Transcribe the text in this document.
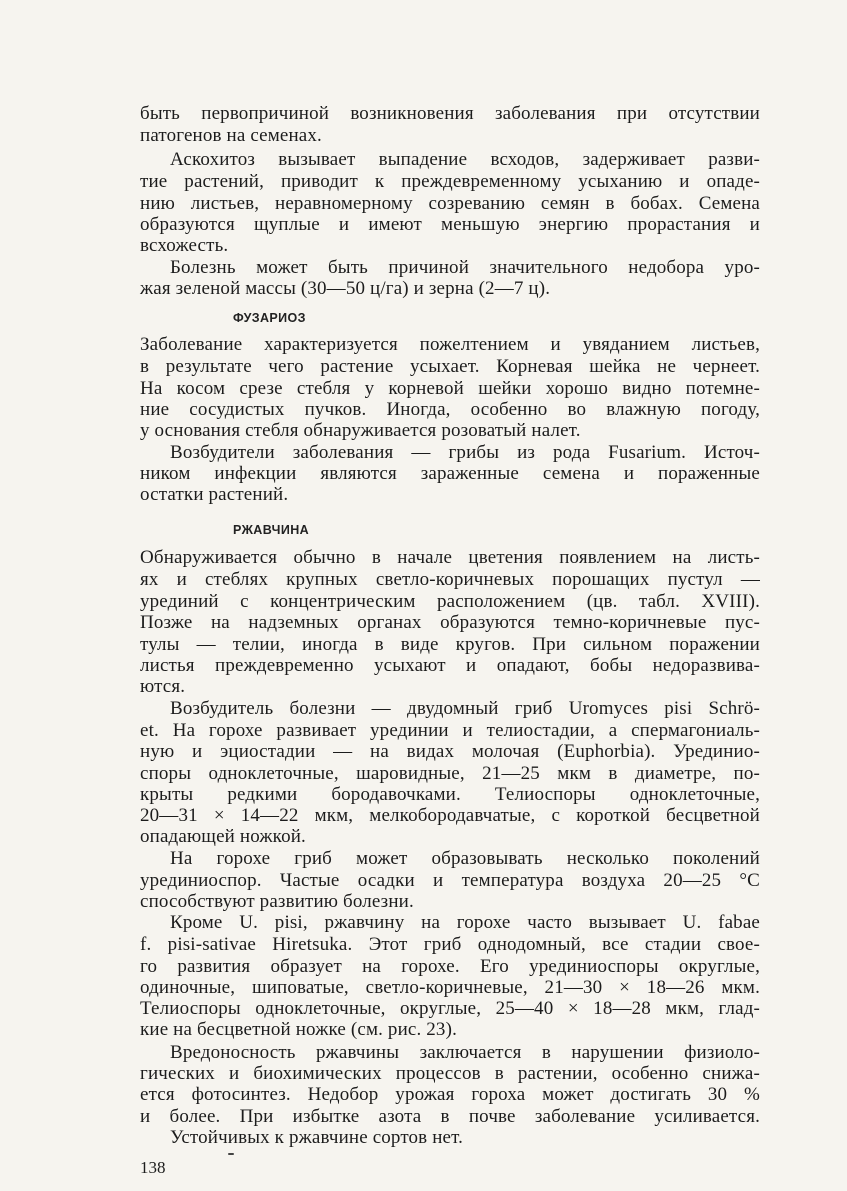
быть первопричиной возникновения заболевания при отсутствии
патогенов на семенах.
Аскохитоз вызывает выпадение всходов, задерживает разви-
тие растений, приводит к преждевременному усыханию и опаде-
нию листьев, неравномерному созреванию семян в бобах. Семена
образуются щуплые и имеют меньшую энергию прорастания и
всхожесть.
Болезнь может быть причиной значительного недобора уро-
жая зеленой массы (30—50 ц/га) и зерна (2—7 ц).
ФУЗАРИОЗ
Заболевание характеризуется пожелтением и увяданием листьев,
в результате чего растение усыхает. Корневая шейка не чернеет.
На косом срезе стебля у корневой шейки хорошо видно потемне-
ние сосудистых пучков. Иногда, особенно во влажную погоду,
у основания стебля обнаруживается розоватый налет.
Возбудители заболевания — грибы из рода Fusarium. Источ-
ником инфекции являются зараженные семена и пораженные
остатки растений.
РЖАВЧИНА
Обнаруживается обычно в начале цветения появлением на листь-
ях и стеблях крупных светло-коричневых порошащих пустул —
урединий с концентрическим расположением (цв. табл. XVIII).
Позже на надземных органах образуются темно-коричневые пус-
тулы — телии, иногда в виде кругов. При сильном поражении
листья преждевременно усыхают и опадают, бобы недоразвива-
ются.
Возбудитель болезни — двудомный гриб Uromyces pisi Schrö-
et. На горохе развивает урединии и телиостадии, а спермагониаль-
ную и эциостадии — на видах молочая (Euphorbia). Урединио-
споры одноклеточные, шаровидные, 21—25 мкм в диаметре, по-
крыты редкими бородавочками. Телиоспоры одноклеточные,
20—31 × 14—22 мкм, мелкобородавчатые, с короткой бесцветной
опадающей ножкой.
На горохе гриб может образовывать несколько поколений
урединиоспор. Частые осадки и температура воздуха 20—25 °С
способствуют развитию болезни.
Кроме U. pisi, ржавчину на горохе часто вызывает U. fabae
f. pisi-sativae Hiretsuka. Этот гриб однодомный, все стадии свое-
го развития образует на горохе. Его урединиоспоры округлые,
одиночные, шиповатые, светло-коричневые, 21—30 × 18—26 мкм.
Телиоспоры одноклеточные, округлые, 25—40 × 18—28 мкм, глад-
кие на бесцветной ножке (см. рис. 23).
Вредоносность ржавчины заключается в нарушении физиоло-
гических и биохимических процессов в растении, особенно снижа-
ется фотосинтез. Недобор урожая гороха может достигать 30 %
и более. При избытке азота в почве заболевание усиливается.
Устойчивых к ржавчине сортов нет.
138
